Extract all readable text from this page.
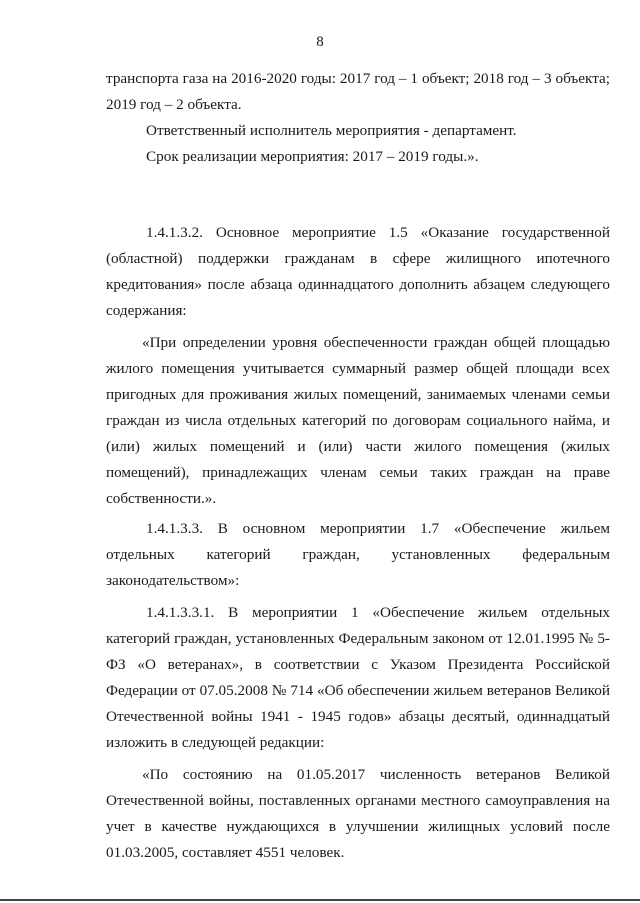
8

транспорта газа на 2016-2020 годы: 2017 год – 1 объект; 2018 год – 3 объекта; 2019 год – 2 объекта.

Ответственный исполнитель мероприятия - департамент.

Срок реализации мероприятия: 2017 – 2019 годы.».

1.4.1.3.2. Основное мероприятие 1.5 «Оказание государственной (областной) поддержки гражданам в сфере жилищного ипотечного кредитования» после абзаца одиннадцатого дополнить абзацем следующего содержания:

«При определении уровня обеспеченности граждан общей площадью жилого помещения учитывается суммарный размер общей площади всех пригодных для проживания жилых помещений, занимаемых членами семьи граждан из числа отдельных категорий по договорам социального найма, и (или) жилых помещений и (или) части жилого помещения (жилых помещений), принадлежащих членам семьи таких граждан на праве собственности.».

1.4.1.3.3. В основном мероприятии 1.7 «Обеспечение жильем отдельных категорий граждан, установленных федеральным

законодательством»:

1.4.1.3.3.1. В мероприятии 1 «Обеспечение жильем отдельных категорий граждан, установленных Федеральным законом от 12.01.1995 № 5-ФЗ «О ветеранах», в соответствии с Указом Президента Российской Федерации от 07.05.2008 № 714 «Об обеспечении жильем ветеранов Великой Отечественной войны 1941 - 1945 годов» абзацы десятый, одиннадцатый изложить в следующей редакции:

«По состоянию на 01.05.2017 численность ветеранов Великой Отечественной войны, поставленных органами местного самоуправления на учет в качестве нуждающихся в улучшении жилищных условий после 01.03.2005, составляет 4551 человек.
